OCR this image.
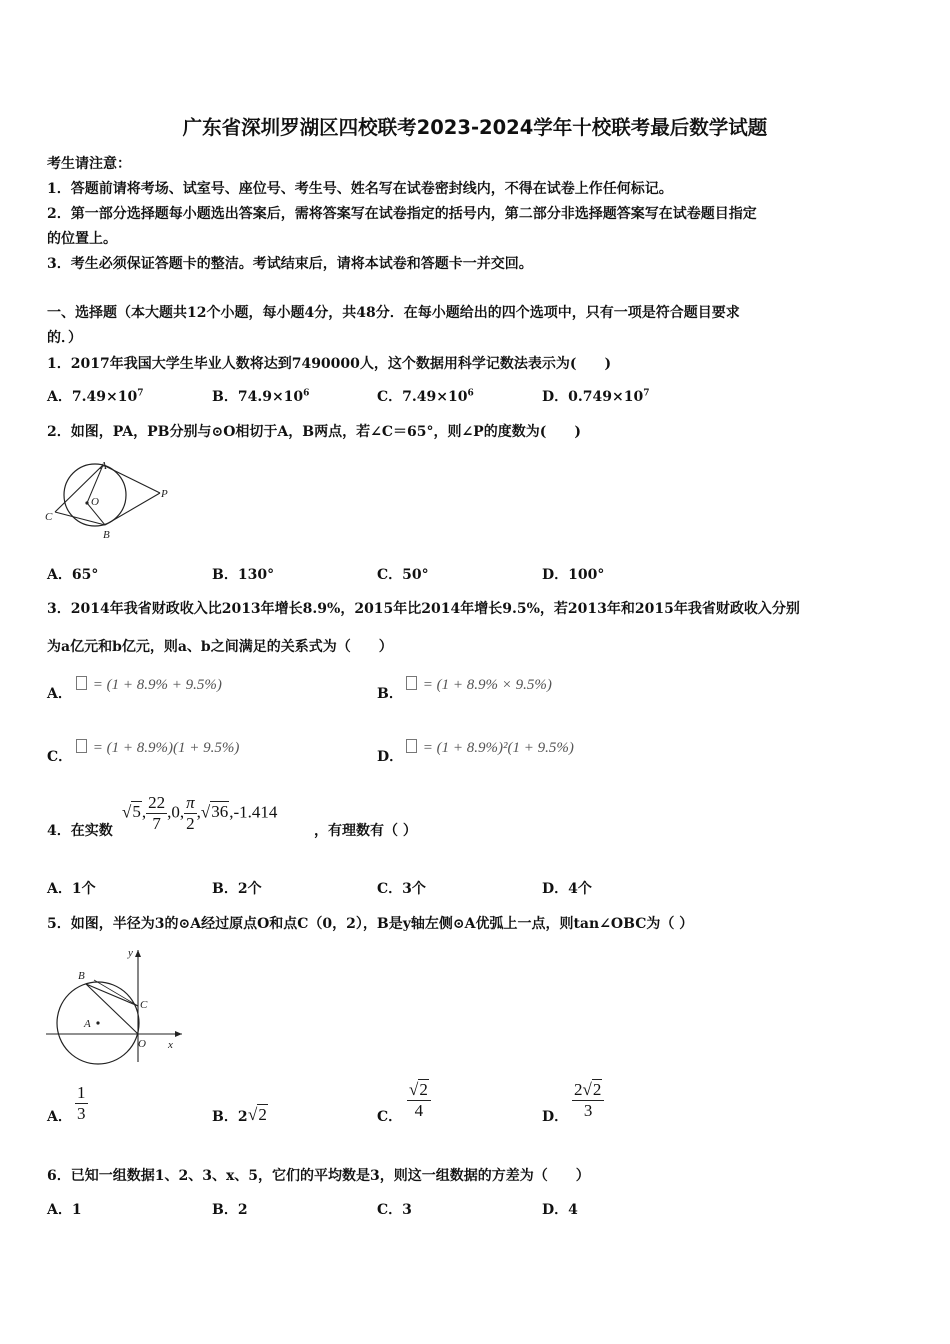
广东省深圳罗湖区四校联考2023-2024学年十校联考最后数学试题
考生请注意：
1．答题前请将考场、试室号、座位号、考生号、姓名写在试卷密封线内，不得在试卷上作任何标记。
2．第一部分选择题每小题选出答案后，需将答案写在试卷指定的括号内，第二部分非选择题答案写在试卷题目指定
的位置上。
3．考生必须保证答题卡的整洁。考试结束后，请将本试卷和答题卡一并交回。
一、选择题（本大题共12个小题，每小题4分，共48分．在每小题给出的四个选项中，只有一项是符合题目要求
的．）
1．2017年我国大学生毕业人数将达到7490000人，这个数据用科学记数法表示为(　　)
A．$7.49\times 10^7$	B．$74.9\times 10^6$	C．$7.49\times 10^6$	D．$0.749\times 10^7$
2．如图，PA，PB分别与⊙O相切于A，B两点，若∠C＝65°，则∠P的度数为(　　)
A
B
C
O
P
A．65°	B．130°	C．50°	D．100°
3．2014年我省财政收入比2013年增长8.9%，2015年比2014年增长9.5%，若2013年和2015年我省财政收入分别
为a亿元和b亿元，则a、b之间满足的关系式为（　　）
A．
= (1 + 8.9% + 9.5%)
B．
= (1 + 8.9% × 9.5%)
C．
= (1 + 8.9%)(1 + 9.5%)
D．
= (1 + 8.9%)²(1 + 9.5%)
4．在实数
√5, $\frac{22}{7} ,0$, $\frac{\pi}{2} ,√36,-1.414$
，有理数有（ ）
A．1个	B．2个	C．3个	D．4个
5．如图，半径为3的⊙A经过原点O和点C（0，2），B是y轴左侧⊙A优弧上一点，则tan∠OBC为（ ）
y
B
C
A
O x
A． $\frac{1}{3}$	B．2 √2	C． $\frac{√2}{4}$	D． $\frac{2√2}{3}$
6．已知一组数据1、2、3、x、5，它们的平均数是3，则这一组数据的方差为（　　）
A．1	B．2	C．3	D．4
